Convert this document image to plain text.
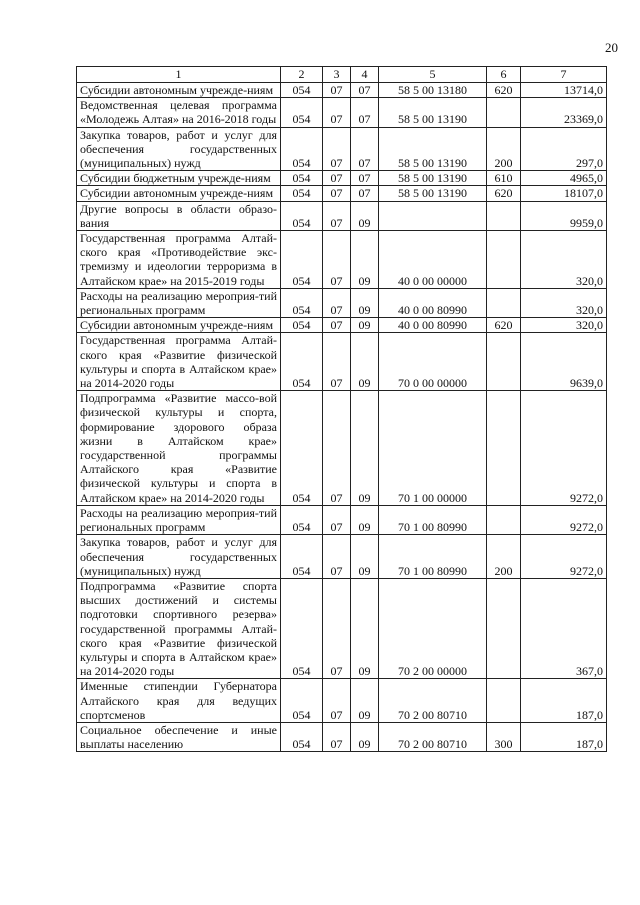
20
1	2	3	4	5	6	7
Субсидии автономным учрежде-ниям	054	07	07	58 5 00 13180	620	13714,0
Ведомственная целевая программа «Молодежь Алтая» на 2016-2018 годы	054	07	07	58 5 00 13190		23369,0
Закупка товаров, работ и услуг для обеспечения государственных (муниципальных) нужд	054	07	07	58 5 00 13190	200	297,0
Субсидии бюджетным учрежде-ниям	054	07	07	58 5 00 13190	610	4965,0
Субсидии автономным учрежде-ниям	054	07	07	58 5 00 13190	620	18107,0
Другие вопросы в области образо-вания	054	07	09			9959,0
Государственная программа Алтай-ского края «Противодействие экс-тремизму и идеологии терроризма в Алтайском крае» на 2015-2019 годы	054	07	09	40 0 00 00000		320,0
Расходы на реализацию мероприя-тий региональных программ	054	07	09	40 0 00 80990		320,0
Субсидии автономным учрежде-ниям	054	07	09	40 0 00 80990	620	320,0
Государственная программа Алтай-ского края «Развитие физической культуры и спорта в Алтайском крае» на 2014-2020 годы	054	07	09	70 0 00 00000		9639,0
Подпрограмма «Развитие массо-вой физической культуры и спорта, формирование здорового образа жизни в Алтайском крае» государственной программы Алтайского края «Развитие физической культуры и спорта в Алтайском крае» на 2014-2020 годы	054	07	09	70 1 00 00000		9272,0
Расходы на реализацию мероприя-тий региональных программ	054	07	09	70 1 00 80990		9272,0
Закупка товаров, работ и услуг для обеспечения государственных (муниципальных) нужд	054	07	09	70 1 00 80990	200	9272,0
Подпрограмма «Развитие спорта высших достижений и системы подготовки спортивного резерва» государственной программы Алтай-ского края «Развитие физической культуры и спорта в Алтайском крае» на 2014-2020 годы	054	07	09	70 2 00 00000		367,0
Именные стипендии Губернатора Алтайского края для ведущих спортсменов	054	07	09	70 2 00 80710		187,0
Социальное обеспечение и иные выплаты населению	054	07	09	70 2 00 80710	300	187,0
